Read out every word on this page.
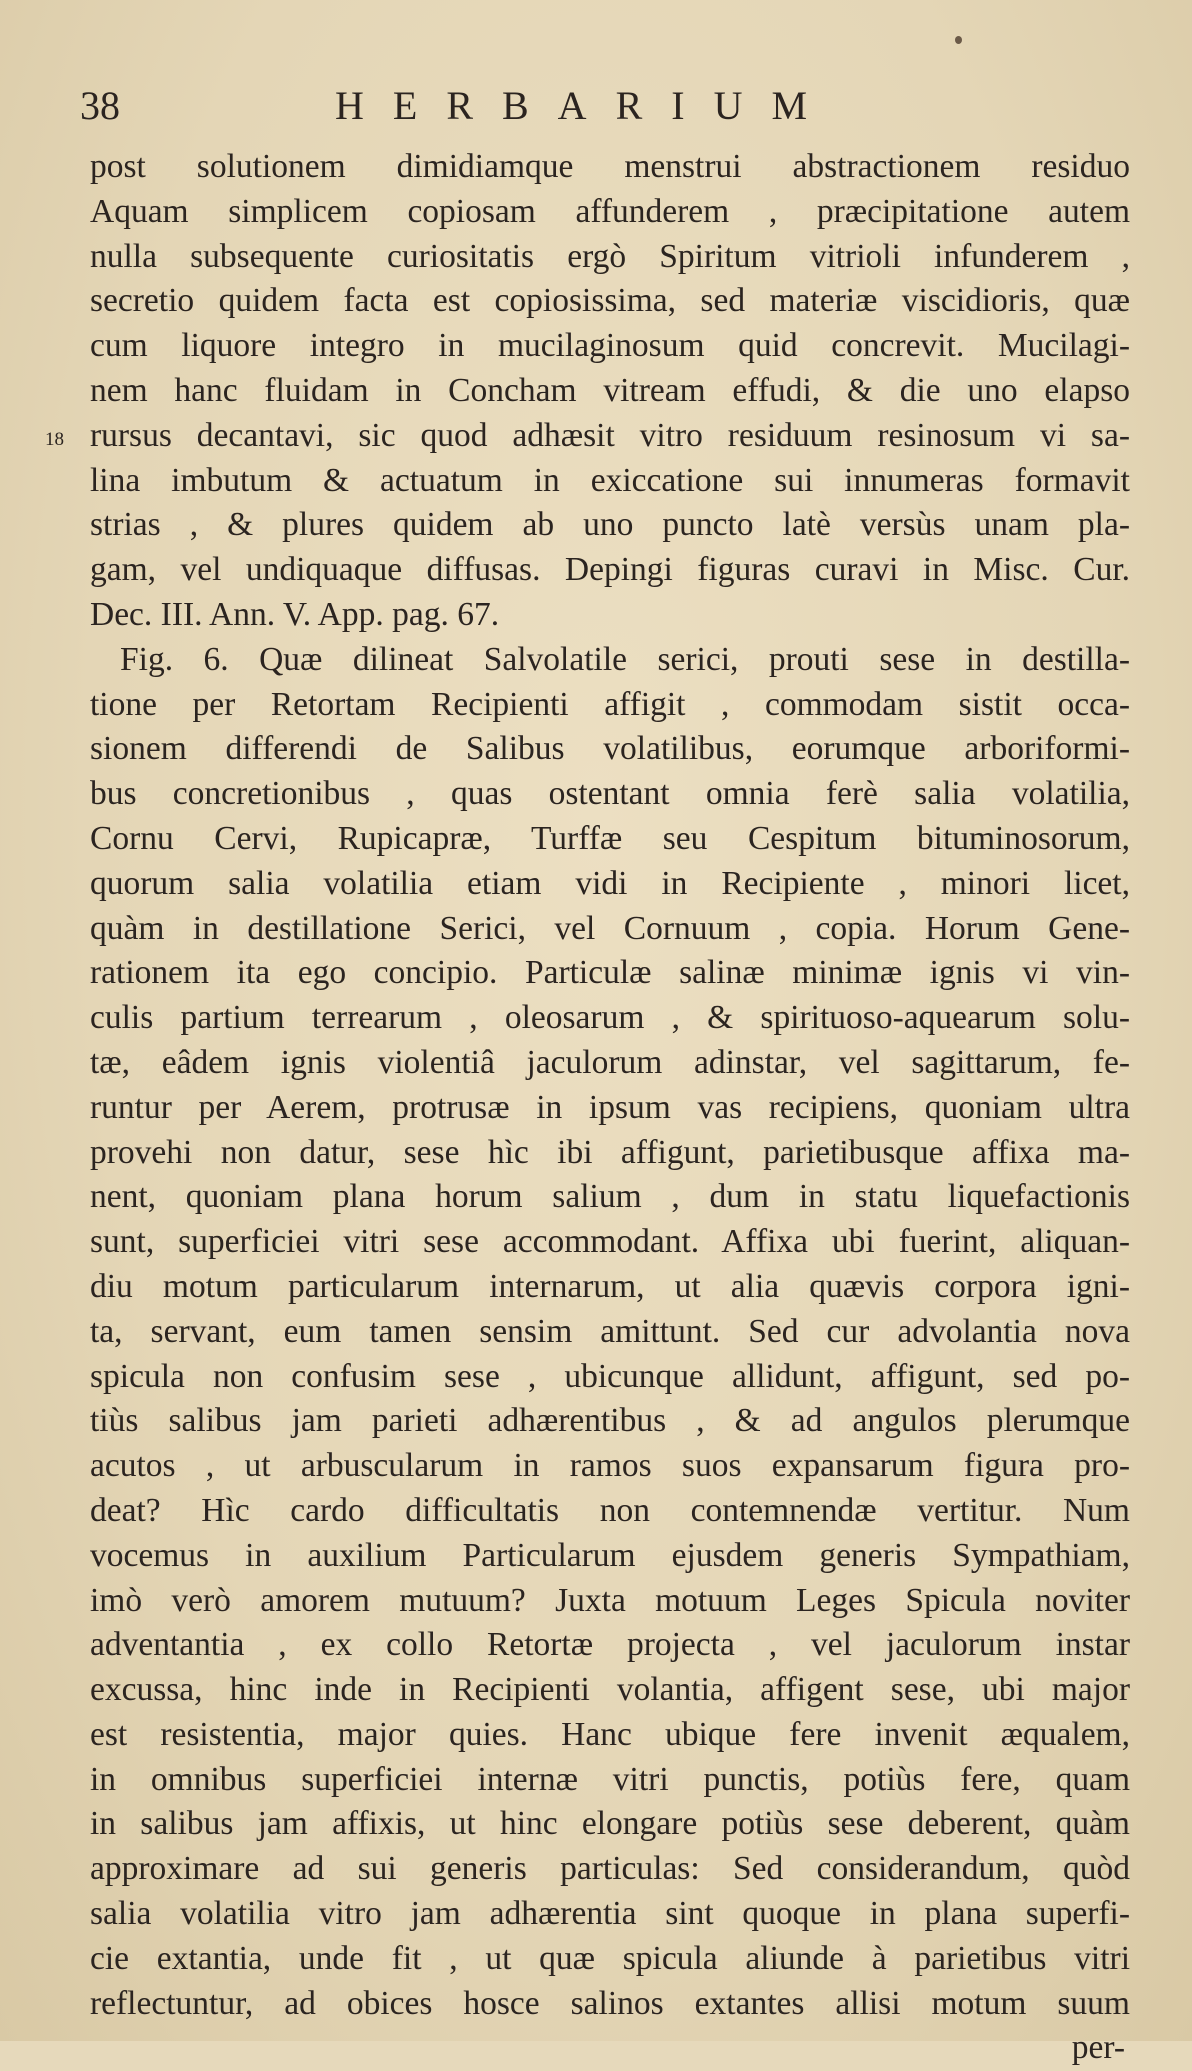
38	HERBARIUM
post solutionem dimidiamque menstrui abstractionem residuo
Aquam simplicem copiosam affunderem , præcipitatione autem
nulla subsequente curiositatis ergò Spiritum vitrioli infunderem ,
secretio quidem facta est copiosissima, sed materiæ viscidioris, quæ
cum liquore integro in mucilaginosum quid concrevit. Mucilagi-
nem hanc fluidam in Concham vitream effudi, & die uno elapso
rursus decantavi, sic quod adhæsit vitro residuum resinosum vi sa-
18
lina imbutum & actuatum in exiccatione sui innumeras formavit
strias , & plures quidem ab uno puncto latè versùs unam pla-
gam, vel undiquaque diffusas. Depingi figuras curavi in Misc. Cur.
Dec. III. Ann. V. App. pag. 67.
Fig. 6. Quæ dilineat Salvolatile serici, prouti sese in destilla-
tione per Retortam Recipienti affigit , commodam sistit occa-
sionem differendi de Salibus volatilibus, eorumque arboriformi-
bus concretionibus , quas ostentant omnia ferè salia volatilia,
Cornu Cervi, Rupicapræ, Turffæ seu Cespitum bituminosorum,
quorum salia volatilia etiam vidi in Recipiente , minori licet,
quàm in destillatione Serici, vel Cornuum , copia. Horum Gene-
rationem ita ego concipio. Particulæ salinæ minimæ ignis vi vin-
culis partium terrearum , oleosarum , & spirituoso-aquearum solu-
tæ, eâdem ignis violentiâ jaculorum adinstar, vel sagittarum, fe-
runtur per Aerem, protrusæ in ipsum vas recipiens, quoniam ultra
provehi non datur, sese hìc ibi affigunt, parietibusque affixa ma-
nent, quoniam plana horum salium , dum in statu liquefactionis
sunt, superficiei vitri sese accommodant. Affixa ubi fuerint, aliquan-
diu motum particularum internarum, ut alia quævis corpora igni-
ta, servant, eum tamen sensim amittunt. Sed cur advolantia nova
spicula non confusim sese , ubicunque allidunt, affigunt, sed po-
tiùs salibus jam parieti adhærentibus , & ad angulos plerumque
acutos , ut arbuscularum in ramos suos expansarum figura pro-
deat? Hìc cardo difficultatis non contemnendæ vertitur. Num
vocemus in auxilium Particularum ejusdem generis Sympathiam,
imò verò amorem mutuum? Juxta motuum Leges Spicula noviter
adventantia , ex collo Retortæ projecta , vel jaculorum instar
excussa, hinc inde in Recipienti volantia, affigent sese, ubi major
est resistentia, major quies. Hanc ubique fere invenit æqualem,
in omnibus superficiei internæ vitri punctis, potiùs fere, quam
in salibus jam affixis, ut hinc elongare potiùs sese deberent, quàm
approximare ad sui generis particulas: Sed considerandum, quòd
salia volatilia vitro jam adhærentia sint quoque in plana superfi-
cie extantia, unde fit , ut quæ spicula aliunde à parietibus vitri
reflectuntur, ad obices hosce salinos extantes allisi motum suum
per-
